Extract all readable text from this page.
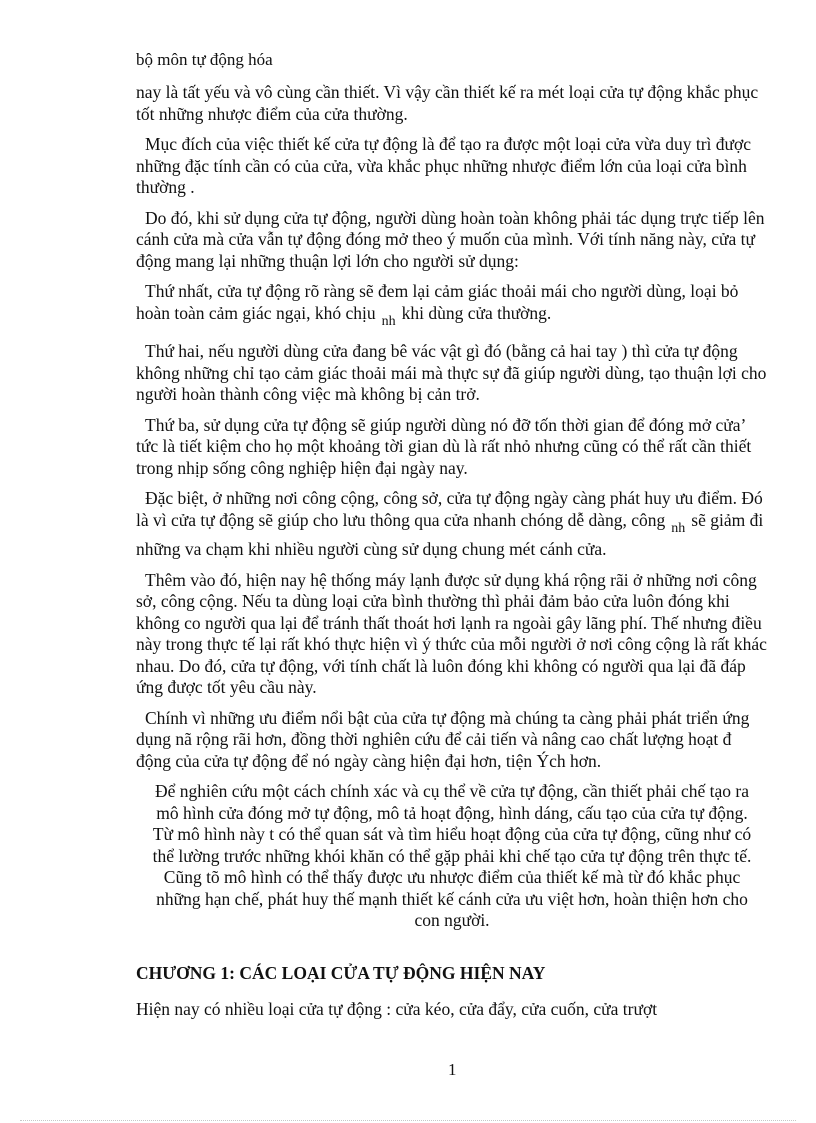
bộ môn tự động hóa

nay là tất yếu và vô cùng cần thiết. Vì vậy cần thiết kế ra mét loại cửa tự động khắc phục tốt những nhược điểm của cửa thường.

Mục đích của việc thiết kế cửa tự động là để tạo ra được một loại cửa vừa duy trì được những đặc tính cần có của cửa, vừa khắc phục những nhược điểm lớn của loại cửa bình thường .

Do đó, khi sử dụng cửa tự động, người dùng hoàn toàn không phải tác dụng trực tiếp lên cánh cửa mà cửa vẫn tự động đóng mở theo ý muốn của mình. Với tính năng này, cửa tự động mang lại những thuận lợi lớn cho người sử dụng:

Thứ nhất, cửa tự động rõ ràng sẽ đem lại cảm giác thoải mái cho người dùng, loại bỏ hoàn toàn cảm giác ngại, khó chịu $_{nh}$ khi dùng cửa thường.

Thứ hai, nếu người dùng cửa đang bê vác vật gì đó (bằng cả hai tay ) thì cửa tự động không những chỉ tạo cảm giác thoải mái mà thực sự đã giúp người dùng, tạo thuận lợi cho người hoàn thành công việc mà không bị cản trở.

Thứ ba, sử dụng cửa tự động sẽ giúp người dùng nó đỡ tốn thời gian để đóng mở cửa’ tức là tiết kiệm cho họ một khoảng tời gian dù là rất nhỏ nhưng cũng có thể rất cần thiết trong nhịp sống công nghiệp hiện đại ngày nay.

Đặc biệt, ở những nơi công cộng, công sở, cửa tự động ngày càng phát huy ưu điểm. Đó là vì cửa tự động sẽ giúp cho lưu thông qua cửa nhanh chóng dễ dàng, công $_{nh}$ sẽ giảm đi những va chạm khi nhiều người cùng sử dụng chung mét cánh cửa.

Thêm vào đó, hiện nay hệ thống máy lạnh được sử dụng khá rộng rãi ở những nơi công sở, công cộng. Nếu ta dùng loại cửa bình thường thì phải đảm bảo cửa luôn đóng khi không co người qua lại để tránh thất thoát hơi lạnh ra ngoài gây lãng phí. Thế nhưng điều này trong thực tế lại rất khó thực hiện vì ý thức của mỗi người ở nơi công cộng là rất khác nhau. Do đó, cửa tự động, với tính chất là luôn đóng khi không có người qua lại đã đáp ứng được tốt yêu cầu này.

Chính vì những ưu điểm nổi bật của cửa tự động mà chúng ta càng phải phát triển ứng dụng nã rộng rãi hơn, đồng thời nghiên cứu để cải tiến và nâng cao chất lượng hoạt đ động của cửa tự động để nó ngày càng hiện đại hơn, tiện Ých hơn.

Để nghiên cứu một cách chính xác và cụ thể về cửa tự động, cần thiết phải chế tạo ra mô hình cửa đóng mở tự động, mô tả hoạt động, hình dáng, cấu tạo của cửa tự động. Từ mô hình này t có thể quan sát và tìm hiểu hoạt động của cửa tự động, cũng như có thể lường trước những khói khăn có thể gặp phải khi chế tạo cửa tự động trên thực tế. Cũng tõ mô hình có thể thấy được ưu nhược điểm của thiết kế mà từ đó khắc phục những hạn chế, phát huy thế mạnh thiết kế cánh cửa ưu việt hơn, hoàn thiện hơn cho con người.

CHƯƠNG 1: CÁC LOẠI CỬA TỰ ĐỘNG HIỆN NAY
Hiện nay có nhiều loại cửa tự động : cửa kéo, cửa đẩy, cửa cuốn, cửa trượt
1
